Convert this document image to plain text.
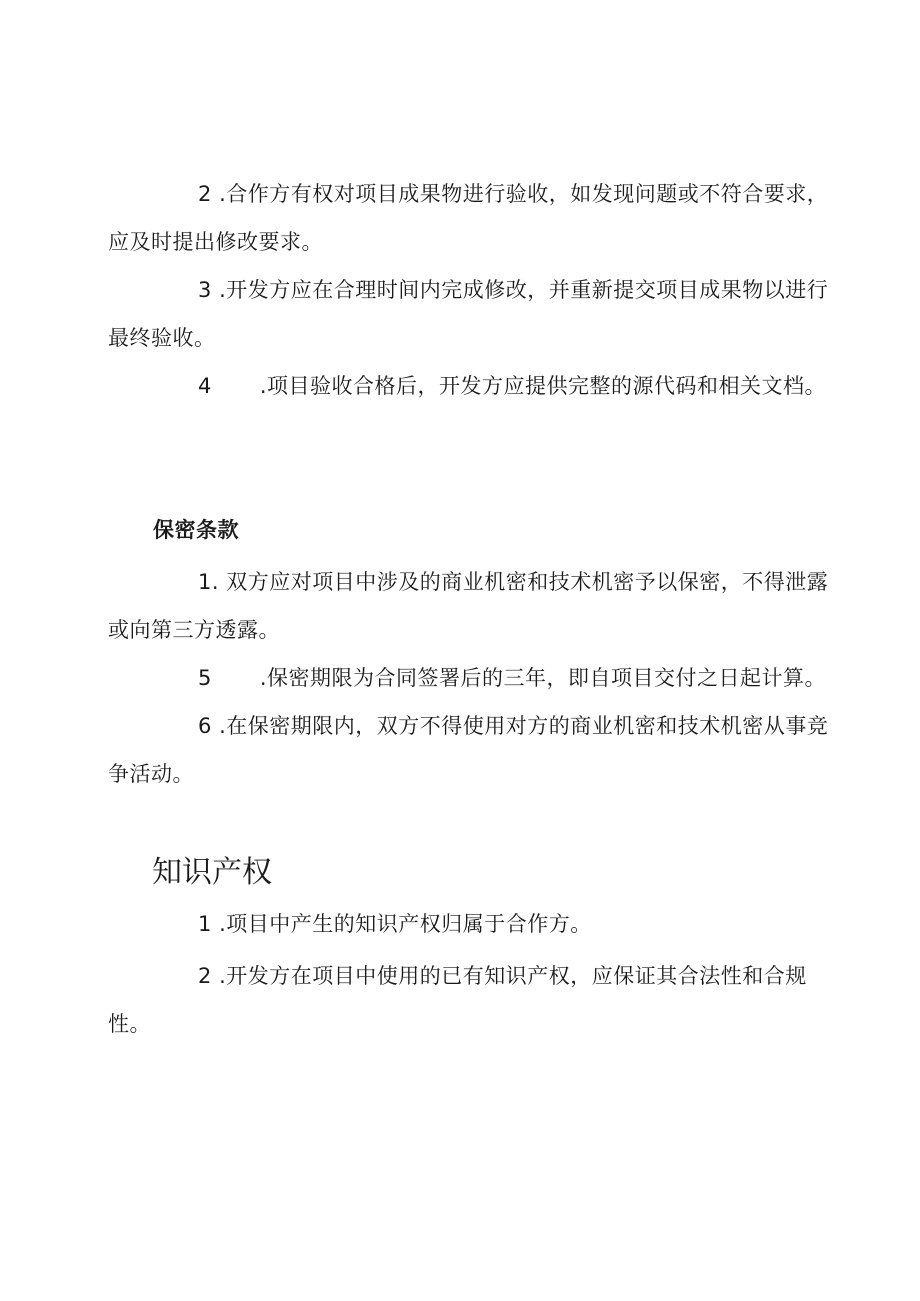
2 .合作方有权对项目成果物进行验收，如发现问题或不符合要求，应及时提出修改要求。

3 .开发方应在合理时间内完成修改，并重新提交项目成果物以进行最终验收。

4 .项目验收合格后，开发方应提供完整的源代码和相关文档。

保密条款

1. 双方应对项目中涉及的商业机密和技术机密予以保密，不得泄露或向第三方透露。

5 .保密期限为合同签署后的三年，即自项目交付之日起计算。

6 .在保密期限内，双方不得使用对方的商业机密和技术机密从事竞争活动。

知识产权

1 .项目中产生的知识产权归属于合作方。

2 .开发方在项目中使用的已有知识产权，应保证其合法性和合规性。
